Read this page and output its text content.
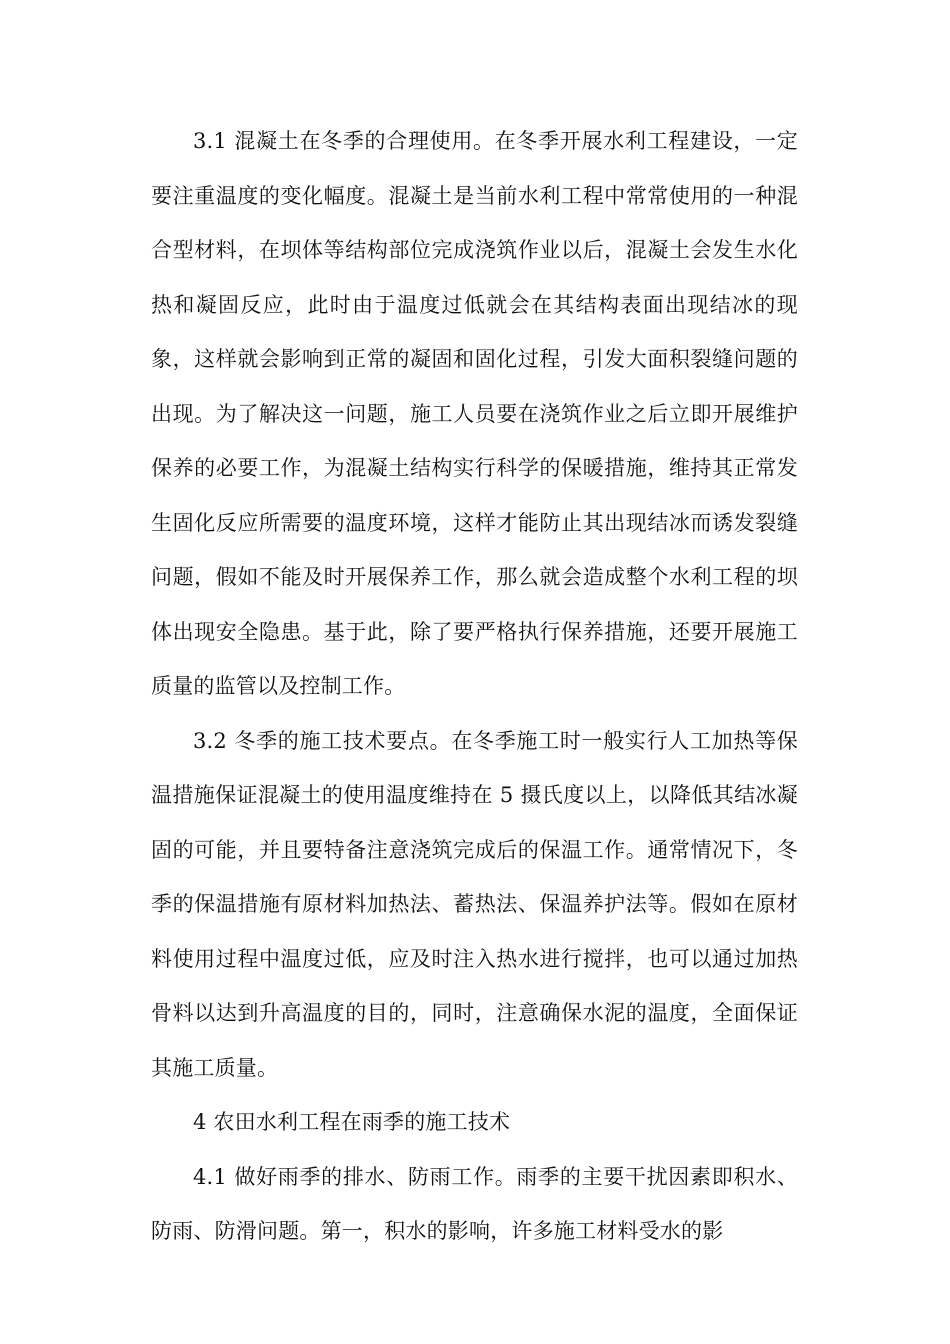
3.1 混凝土在冬季的合理使用。在冬季开展水利工程建设，一定要注重温度的变化幅度。混凝土是当前水利工程中常常使用的一种混合型材料，在坝体等结构部位完成浇筑作业以后，混凝土会发生水化热和凝固反应，此时由于温度过低就会在其结构表面出现结冰的现象，这样就会影响到正常的凝固和固化过程，引发大面积裂缝问题的出现。为了解决这一问题，施工人员要在浇筑作业之后立即开展维护保养的必要工作，为混凝土结构实行科学的保暖措施，维持其正常发生固化反应所需要的温度环境，这样才能防止其出现结冰而诱发裂缝问题，假如不能及时开展保养工作，那么就会造成整个水利工程的坝体出现安全隐患。基于此，除了要严格执行保养措施，还要开展施工质量的监管以及控制工作。

3.2 冬季的施工技术要点。在冬季施工时一般实行人工加热等保温措施保证混凝土的使用温度维持在 5 摄氏度以上，以降低其结冰凝固的可能，并且要特备注意浇筑完成后的保温工作。通常情况下，冬季的保温措施有原材料加热法、蓄热法、保温养护法等。假如在原材料使用过程中温度过低，应及时注入热水进行搅拌，也可以通过加热骨料以达到升高温度的目的，同时，注意确保水泥的温度，全面保证其施工质量。

4 农田水利工程在雨季的施工技术

4.1 做好雨季的排水、防雨工作。雨季的主要干扰因素即积水、防雨、防滑问题。第一，积水的影响，许多施工材料受水的影
